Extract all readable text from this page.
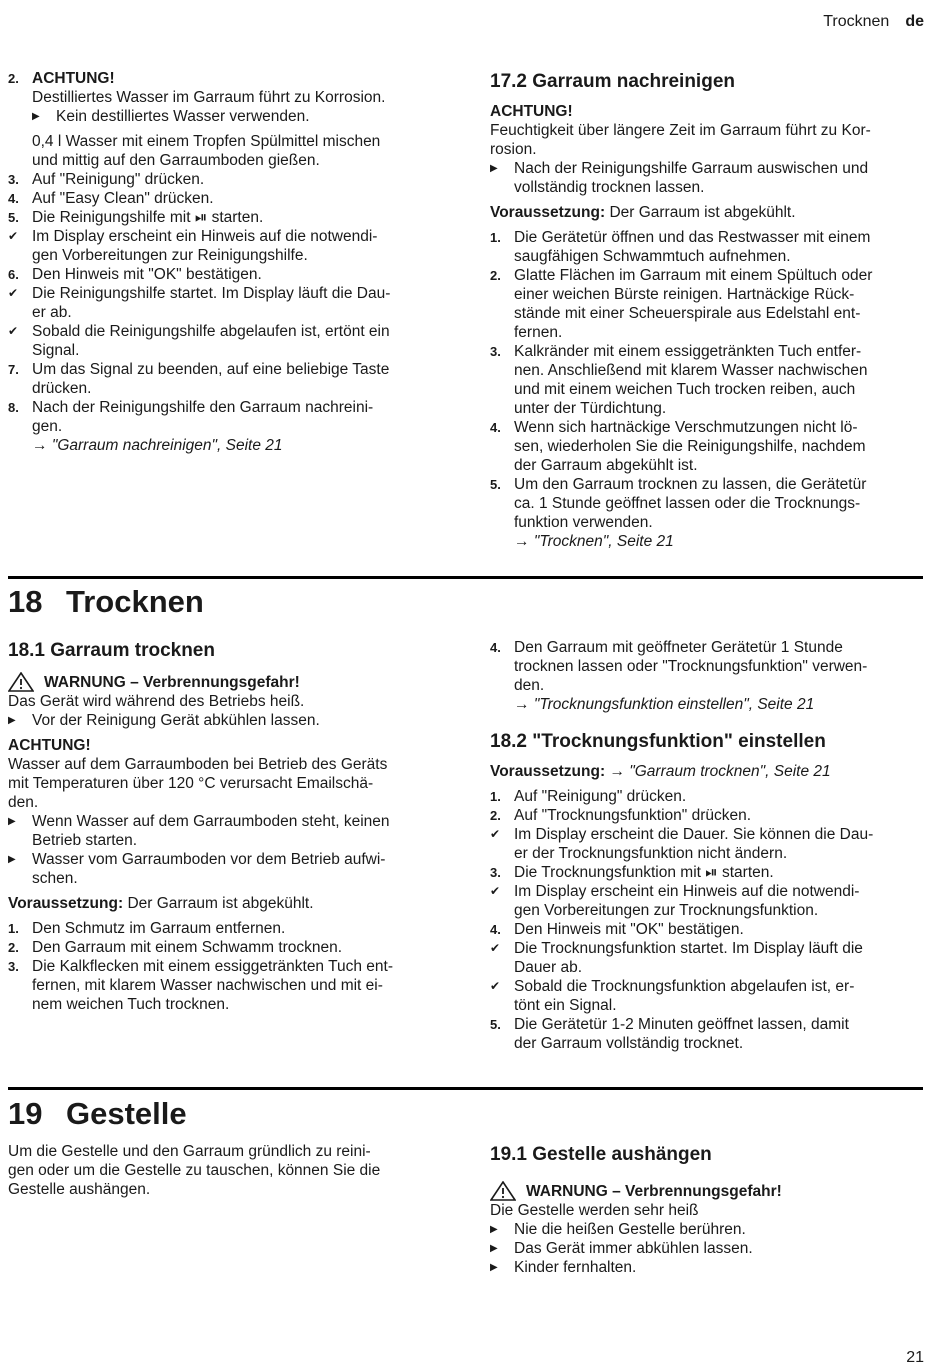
Trocknen de
2. ACHTUNG!
Destilliertes Wasser im Garraum führt zu Korrosion.
▶	Kein destilliertes Wasser verwenden.
0,4 l Wasser mit einem Tropfen Spülmittel mischen
und mittig auf den Garraumboden gießen.
3. Auf "Reinigung" drücken.
4. Auf "Easy Clean" drücken.
5. Die Reinigungshilfe mit ⏯ starten.
✔ Im Display erscheint ein Hinweis auf die notwendi-
gen Vorbereitungen zur Reinigungshilfe.
6. Den Hinweis mit "OK" bestätigen.
✔ Die Reinigungshilfe startet. Im Display läuft die Dau-
er ab.
✔ Sobald die Reinigungshilfe abgelaufen ist, ertönt ein
Signal.
7. Um das Signal zu beenden, auf eine beliebige Taste
drücken.
8. Nach der Reinigungshilfe den Garraum nachreini-
gen.
→ "Garraum nachreinigen", Seite 21
17.2 Garraum nachreinigen
ACHTUNG!
Feuchtigkeit über längere Zeit im Garraum führt zu Kor-
rosion.
▶	Nach der Reinigungshilfe Garraum auswischen und
vollständig trocknen lassen.
Voraussetzung: Der Garraum ist abgekühlt.
1. Die Gerätetür öffnen und das Restwasser mit einem
saugfähigen Schwammtuch aufnehmen.
2. Glatte Flächen im Garraum mit einem Spültuch oder
einer weichen Bürste reinigen. Hartnäckige Rück-
stände mit einer Scheuerspirale aus Edelstahl ent-
fernen.
3. Kalkränder mit einem essiggetränkten Tuch entfer-
nen. Anschließend mit klarem Wasser nachwischen
und mit einem weichen Tuch trocken reiben, auch
unter der Türdichtung.
4. Wenn sich hartnäckige Verschmutzungen nicht lö-
sen, wiederholen Sie die Reinigungshilfe, nachdem
der Garraum abgekühlt ist.
5. Um den Garraum trocknen zu lassen, die Gerätetür
ca. 1 Stunde geöffnet lassen oder die Trocknungs-
funktion verwenden.
→ "Trocknen", Seite 21
18 Trocknen
18.1 Garraum trocknen
WARNUNG – Verbrennungsgefahr!
Das Gerät wird während des Betriebs heiß.
▶	Vor der Reinigung Gerät abkühlen lassen.
ACHTUNG!
Wasser auf dem Garraumboden bei Betrieb des Geräts
mit Temperaturen über 120 °C verursacht Emailschä-
den.
▶	Wenn Wasser auf dem Garraumboden steht, keinen
Betrieb starten.
▶	Wasser vom Garraumboden vor dem Betrieb aufwi-
schen.
Voraussetzung: Der Garraum ist abgekühlt.
1. Den Schmutz im Garraum entfernen.
2. Den Garraum mit einem Schwamm trocknen.
3. Die Kalkflecken mit einem essiggetränkten Tuch ent-
fernen, mit klarem Wasser nachwischen und mit ei-
nem weichen Tuch trocknen.
4. Den Garraum mit geöffneter Gerätetür 1 Stunde
trocknen lassen oder "Trocknungsfunktion" verwen-
den.
→ "Trocknungsfunktion einstellen", Seite 21
18.2 "Trocknungsfunktion" einstellen
Voraussetzung: → "Garraum trocknen", Seite 21
1. Auf "Reinigung" drücken.
2. Auf "Trocknungsfunktion" drücken.
✔ Im Display erscheint die Dauer. Sie können die Dau-
er der Trocknungsfunktion nicht ändern.
3. Die Trocknungsfunktion mit ⏯ starten.
✔ Im Display erscheint ein Hinweis auf die notwendi-
gen Vorbereitungen zur Trocknungsfunktion.
4. Den Hinweis mit "OK" bestätigen.
✔ Die Trocknungsfunktion startet. Im Display läuft die
Dauer ab.
✔ Sobald die Trocknungsfunktion abgelaufen ist, er-
tönt ein Signal.
5. Die Gerätetür 1-2 Minuten geöffnet lassen, damit
der Garraum vollständig trocknet.
19 Gestelle
Um die Gestelle und den Garraum gründlich zu reini-
gen oder um die Gestelle zu tauschen, können Sie die
Gestelle aushängen.
19.1 Gestelle aushängen
WARNUNG – Verbrennungsgefahr!
Die Gestelle werden sehr heiß
▶	Nie die heißen Gestelle berühren.
▶	Das Gerät immer abkühlen lassen.
▶	Kinder fernhalten.
21
